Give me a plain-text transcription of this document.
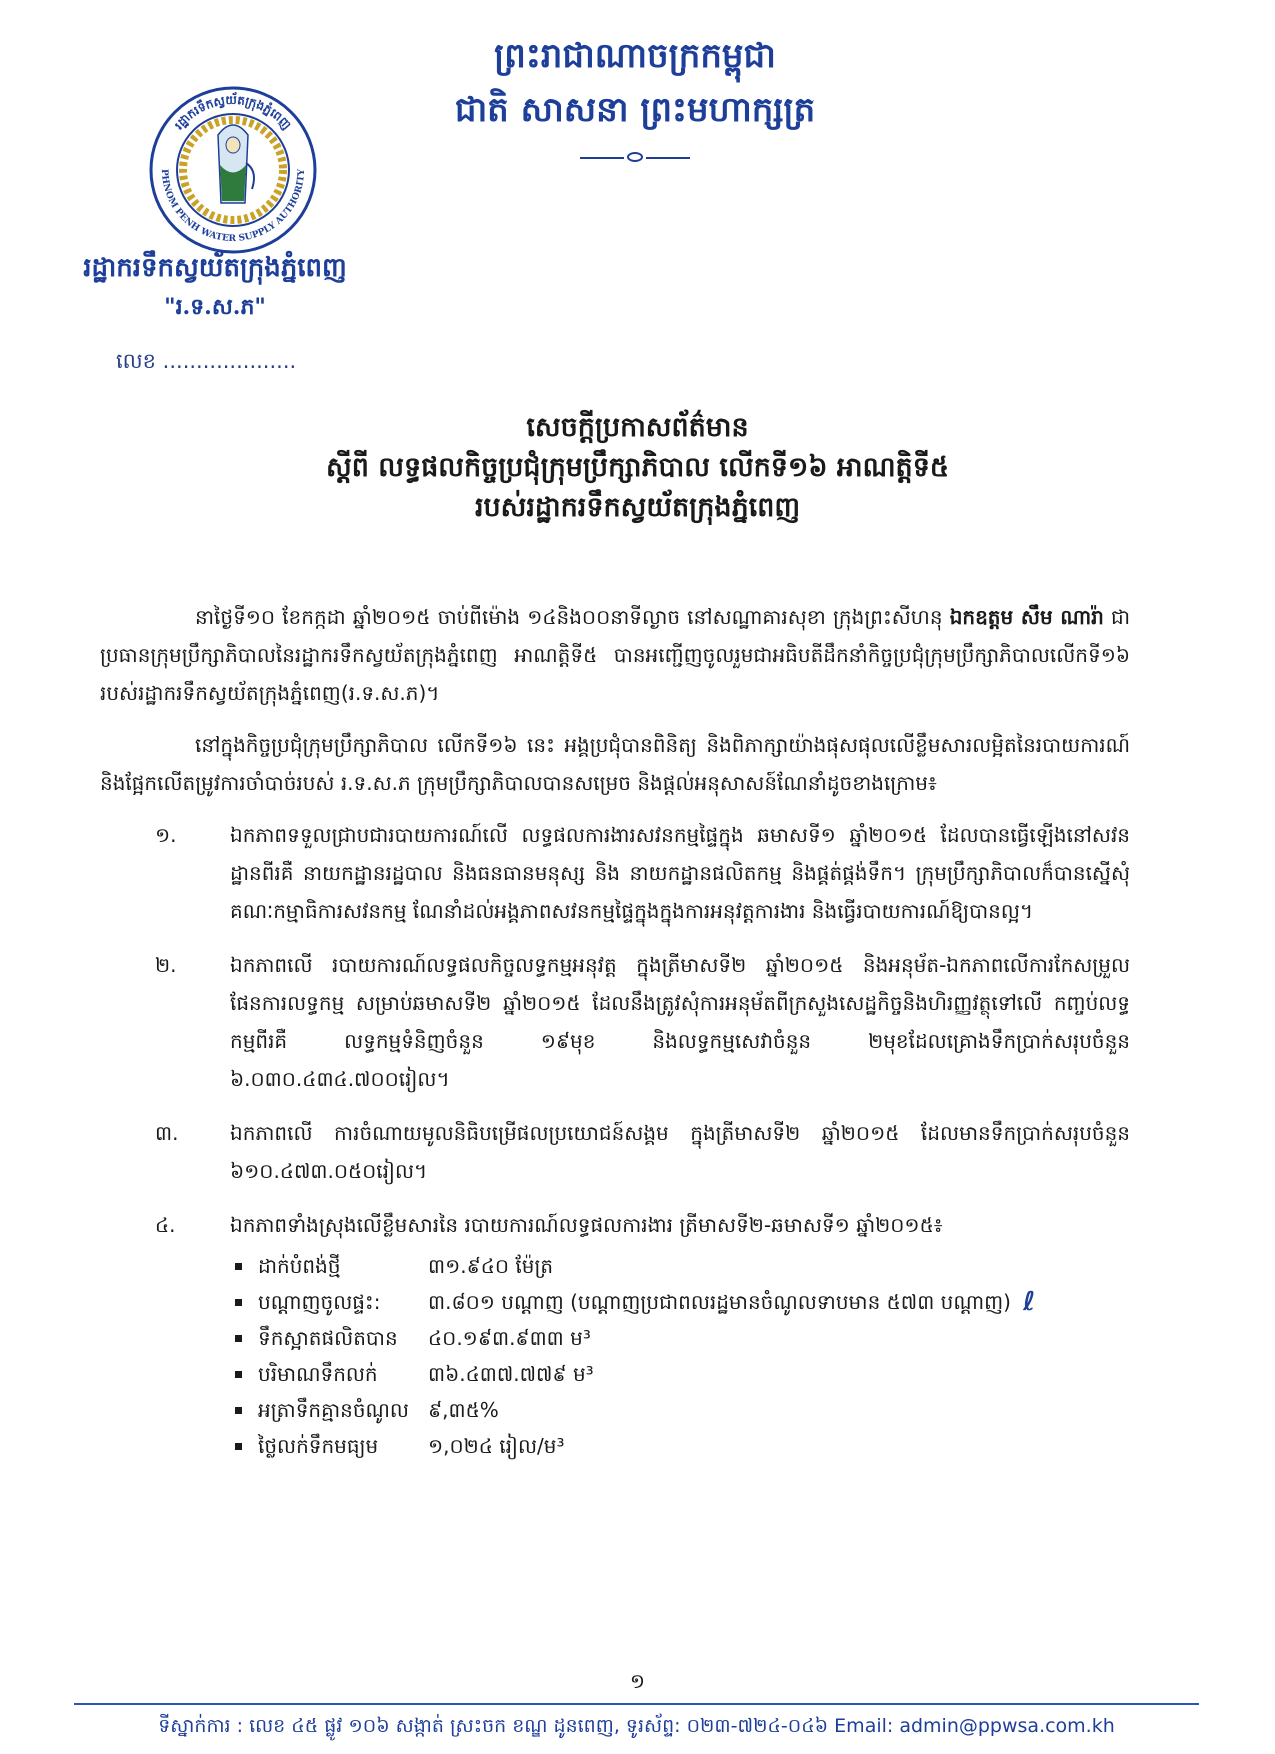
ព្រះរាជាណាចក្រកម្ពុជា
ជាតិ សាសនា ព្រះមហាក្សត្រ
រដ្ឋាករទឹកស្វយ័តក្រុងភ្នំពេញ
PHNOM PENH WATER SUPPLY AUTHORITY
រដ្ឋាករទឹកស្វយ័តក្រុងភ្នំពេញ
"រ.ទ.ស.ភ"
លេខ ....................
សេចក្តីប្រកាសព័ត៌មាន
ស្តីពី លទ្ធផលកិច្ចប្រជុំក្រុមប្រឹក្សាភិបាល លើកទី១៦ អាណត្តិទី៥
របស់រដ្ឋាករទឹកស្វយ័តក្រុងភ្នំពេញ

នាថ្ងៃទី១០ ខែកក្កដា ឆ្នាំ២០១៥ ចាប់ពីម៉ោង ១៤និង០០នាទីល្ងាច នៅសណ្ឋាគារសុខា ក្រុងព្រះសីហនុ ឯកឧត្តម សឹម ណារ៉ា ជាប្រធានក្រុមប្រឹក្សាភិបាលនៃរដ្ឋាករទឹកស្វយ័តក្រុងភ្នំពេញ អាណត្តិទី៥ បានអញ្ជើញចូលរួមជាអធិបតីដឹកនាំកិច្ចប្រជុំក្រុមប្រឹក្សាភិបាលលើកទី១៦ របស់រដ្ឋាករទឹកស្វយ័តក្រុងភ្នំពេញ(រ.ទ.ស.ភ)។

នៅក្នុងកិច្ចប្រជុំក្រុមប្រឹក្សាភិបាល លើកទី១៦ នេះ អង្គប្រជុំបានពិនិត្យ និងពិភាក្សាយ៉ាងផុសផុលលើខ្លឹមសារលម្អិតនៃរបាយការណ៍ និងផ្អែកលើតម្រូវការចាំបាច់របស់ រ.ទ.ស.ភ ក្រុមប្រឹក្សាភិបាលបានសម្រេច និងផ្តល់អនុសាសន៍ណែនាំដូចខាងក្រោម៖

១.	ឯកភាពទទួលជ្រាបជារបាយការណ៍លើ លទ្ធផលការងារសវនកម្មផ្ទៃក្នុង ឆមាសទី១ ឆ្នាំ២០១៥ ដែលបានធ្វើឡើងនៅសវនដ្ឋានពីរគឺ នាយកដ្ឋានរដ្ឋបាល និងធនធានមនុស្ស និង នាយកដ្ឋានផលិតកម្ម និងផ្គត់ផ្គង់ទឹក។ ក្រុមប្រឹក្សាភិបាលក៏បានស្នើសុំ គណៈកម្មាធិការសវនកម្ម ណែនាំដល់អង្គភាពសវនកម្មផ្ទៃក្នុងក្នុងការអនុវត្តការងារ និងធ្វើរបាយការណ៍ឱ្យបានល្អ។
២.	ឯកភាពលើ របាយការណ៍លទ្ធផលកិច្ចលទ្ធកម្មអនុវត្ត ក្នុងត្រីមាសទី២ ឆ្នាំ២០១៥ និងអនុម័ត-ឯកភាពលើការកែសម្រួលផែនការលទ្ធកម្ម សម្រាប់ឆមាសទី២ ឆ្នាំ២០១៥ ដែលនឹងត្រូវសុំការអនុម័តពីក្រសួងសេដ្ឋកិច្ចនិងហិរញ្ញវត្ថុទៅលើ កញ្ចប់លទ្ធកម្មពីរគឺ លទ្ធកម្មទំនិញចំនួន ១៩មុខ និងលទ្ធកម្មសេវាចំនួន ២មុខដែលគ្រោងទឹកប្រាក់សរុបចំនួន ៦.០៣០.៤៣៤.៧០០រៀល។
៣.	ឯកភាពលើ ការចំណាយមូលនិធិបម្រើផលប្រយោជន៍សង្គម ក្នុងត្រីមាសទី២ ឆ្នាំ២០១៥ ដែលមានទឹកប្រាក់សរុបចំនួន ៦១០.៤៧៣.០៥០រៀល។
៤.	ឯកភាពទាំងស្រុងលើខ្លឹមសារនៃ របាយការណ៍លទ្ធផលការងារ ត្រីមាសទី២-ឆមាសទី១ ឆ្នាំ២០១៥៖
ដាក់បំពង់ថ្មី	៣១.៩៤០ ម៉ែត្រ
បណ្តាញចូលផ្ទះ:	៣.៨០១ បណ្តាញ (បណ្តាញប្រជាពលរដ្ឋមានចំណូលទាបមាន ៥៧៣ បណ្តាញ) ℓ
ទឹកស្អាតផលិតបាន	៤០.១៩៣.៩៣៣ ម³
បរិមាណទឹកលក់	៣៦.៤៣៧.៧៧៩ ម³
អត្រាទឹកគ្មានចំណូល ៩,៣៥%
ថ្លៃលក់ទឹកមធ្យម	១,០២៤ រៀល/ម³
១
ទីស្នាក់ការ : លេខ ៤៥ ផ្លូវ ១០៦ សង្កាត់ ស្រះចក ខណ្ឌ ដូនពេញ, ទូរស័ព្ទ: ០២៣-៧២៤-០៤៦ Email: admin@ppwsa.com.kh
